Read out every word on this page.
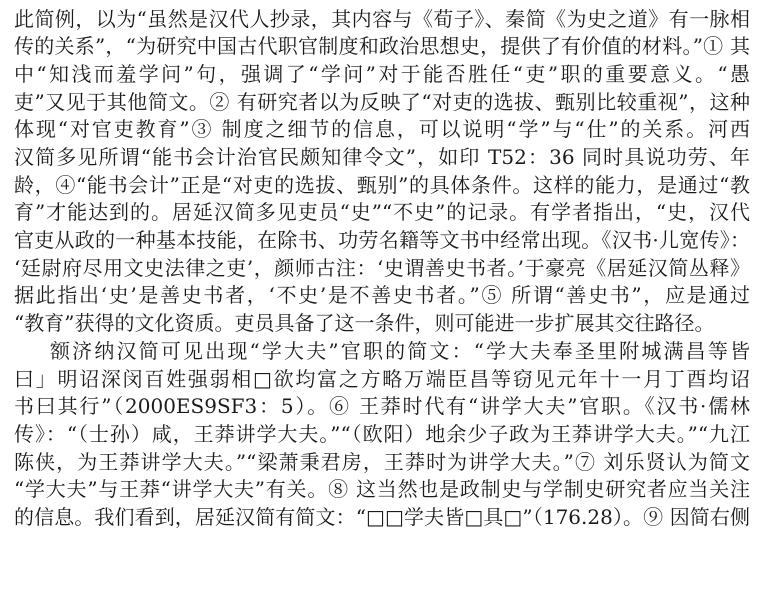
此简例，以为“虽然是汉代人抄录，其内容与《荀子》、秦简《为史之道》有一脉相
传的关系”，“为研究中国古代职官制度和政治思想史，提供了有价值的材料。”① 其
中“知浅而羞学问”句，强调了“学问”对于能否胜任“吏”职的重要意义。“愚
吏”又见于其他简文。② 有研究者以为反映了“对吏的选拔、甄别比较重视”，这种
体现“对官吏教育”③ 制度之细节的信息，可以说明“学”与“仕”的关系。河西
汉简多见所谓“能书会计治官民颇知律令文”，如印 T52：36 同时具说功劳、年
龄，④“能书会计”正是“对吏的选拔、甄别”的具体条件。这样的能力，是通过“教
育”才能达到的。居延汉简多见吏员“史”“不史”的记录。有学者指出，“史，汉代
官吏从政的一种基本技能，在除书、功劳名籍等文书中经常出现。《汉书·儿宽传》：
‘廷尉府尽用文史法律之吏’，颜师古注：‘史谓善史书者。’于豪亮《居延汉简丛释》
据此指出‘史’是善史书者，‘不史’是不善史书者。”⑤ 所谓“善史书”，应是通过
“教育”获得的文化资质。吏员具备了这一条件，则可能进一步扩展其交往路径。
额济纳汉简可见出现“学大夫”官职的简文：“学大夫奉圣里附城满昌等皆
曰」明诏深闵百姓强弱相□欲均富之方略万端臣昌等窃见元年十一月丁酉均诏
书曰其行”（2000ES9SF3：5）。⑥ 王莽时代有“讲学大夫”官职。《汉书·儒林
传》：“（士孙）咸，王莽讲学大夫。”“（欧阳）地余少子政为王莽讲学大夫。”“九江
陈侠，为王莽讲学大夫。”“梁萧秉君房，王莽时为讲学大夫。”⑦ 刘乐贤认为简文
“学大夫”与王莽“讲学大夫”有关。⑧ 这当然也是政制史与学制史研究者应当关注
的信息。我们看到，居延汉简有简文：“□□学夫皆□具□”（176.28）。⑨ 因简右侧
